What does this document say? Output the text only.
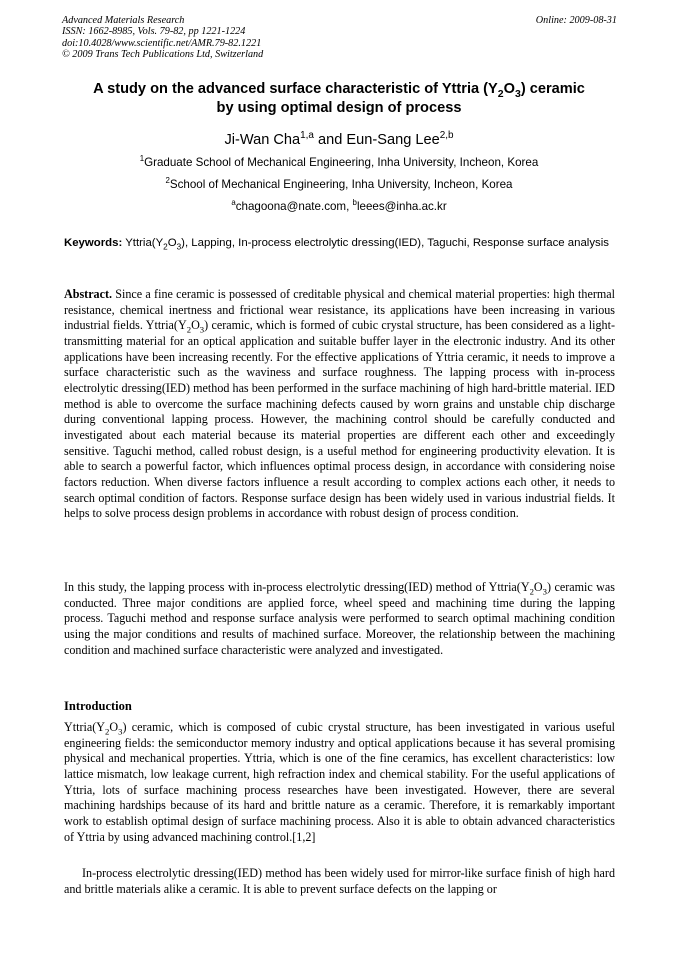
Advanced Materials Research
ISSN: 1662-8985, Vols. 79-82, pp 1221-1224
doi:10.4028/www.scientific.net/AMR.79-82.1221
© 2009 Trans Tech Publications Ltd, Switzerland
Online: 2009-08-31
A study on the advanced surface characteristic of Yttria $(Y_2O_3)$ ceramic
by using optimal design of process
Ji-Wan Cha$^{1,a}$ and Eun-Sang Lee$^{2,b}$
$^1$Graduate School of Mechanical Engineering, Inha University, Incheon, Korea
$^2$School of Mechanical Engineering, Inha University, Incheon, Korea
$^a$chagoona@nate.com, $^b$leees@inha.ac.kr
Keywords: $Yttria(Y_2O_3)$, Lapping, In-process electrolytic dressing(IED), Taguchi, Response surface analysis
Abstract. Since a fine ceramic is possessed of creditable physical and chemical material properties: high thermal resistance, chemical inertness and frictional wear resistance, its applications have been increasing in various industrial fields. $Yttria(Y_2O_3)$ ceramic, which is formed of cubic crystal structure, has been considered as a light-transmitting material for an optical application and suitable buffer layer in the electronic industry. And its other applications have been increasing recently. For the effective applications of Yttria ceramic, it needs to improve a surface characteristic such as the waviness and surface roughness. The lapping process with in-process electrolytic dressing(IED) method has been performed in the surface machining of high hard-brittle material. IED method is able to overcome the surface machining defects caused by worn grains and unstable chip discharge during conventional lapping process. However, the machining control should be carefully conducted and investigated about each material because its material properties are different each other and exceedingly sensitive. Taguchi method, called robust design, is a useful method for engineering productivity elevation. It is able to search a powerful factor, which influences optimal process design, in accordance with considering noise factors reduction. When diverse factors influence a result according to complex actions each other, it needs to search optimal condition of factors. Response surface design has been widely used in various industrial fields. It helps to solve process design problems in accordance with robust design of process condition.
In this study, the lapping process with in-process electrolytic dressing(IED) method of $Yttria(Y_2O_3)$ ceramic was conducted. Three major conditions are applied force, wheel speed and machining time during the lapping process. Taguchi method and response surface analysis were performed to search optimal machining condition using the major conditions and results of machined surface. Moreover, the relationship between the machining condition and machined surface characteristic were analyzed and investigated.
Introduction
$Yttria(Y_2O_3)$ ceramic, which is composed of cubic crystal structure, has been investigated in various useful engineering fields: the semiconductor memory industry and optical applications because it has several promising physical and mechanical properties. Yttria, which is one of the fine ceramics, has excellent characteristics: low lattice mismatch, low leakage current, high refraction index and chemical stability. For the useful applications of Yttria, lots of surface machining process researches have been investigated. However, there are several machining hardships because of its hard and brittle nature as a ceramic. Therefore, it is remarkably important work to establish optimal design of surface machining process. Also it is able to obtain advanced characteristics of Yttria by using advanced machining control.[1,2]
In-process electrolytic dressing(IED) method has been widely used for mirror-like surface finish of high hard and brittle materials alike a ceramic. It is able to prevent surface defects on the lapping or
